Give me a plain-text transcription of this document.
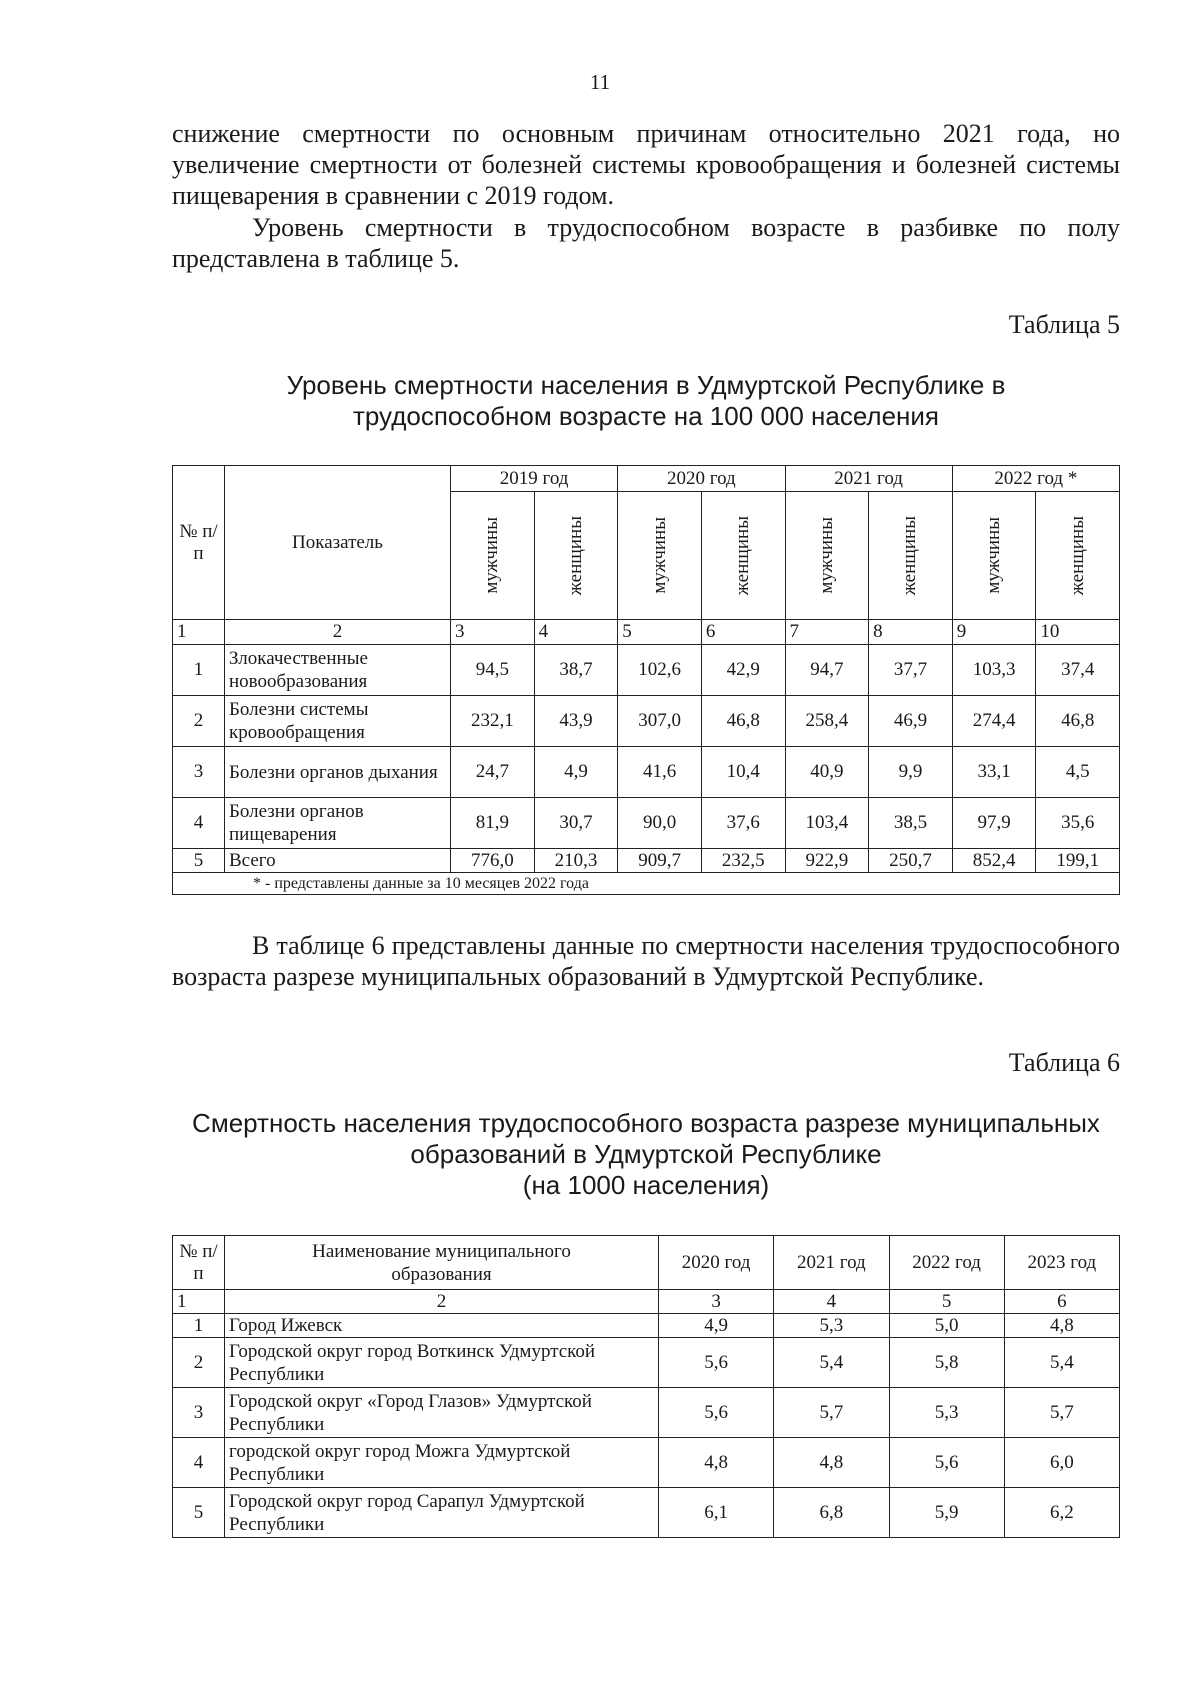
11

снижение смертности по основным причинам относительно 2021 года, но увеличение смертности от болезней системы кровообращения и болезней системы пищеварения в сравнении с 2019 годом.

Уровень смертности в трудоспособном возрасте в разбивке по полу представлена в таблице 5.

Таблица 5
Уровень смертности населения в Удмуртской Республике в
трудоспособном возрасте на 100 000 населения
№ п/п	Показатель	2019 год		2020 год		2021 год		2022 год *	

		мужчины	женщины	мужчины	женщины	мужчины	женщины	мужчины	женщины

1	2	3	4	5	6	7	8	9	10
1	Злокачественные новообразования	94,5	38,7	102,6	42,9	94,7	37,7	103,3	37,4
2	Болезни системы кровообращения	232,1	43,9	307,0	46,8	258,4	46,9	274,4	46,8
3	Болезни органов дыхания	24,7	4,9	41,6	10,4	40,9	9,9	33,1	4,5
4	Болезни органов пищеварения	81,9	30,7	90,0	37,6	103,4	38,5	97,9	35,6
5	Всего	776,0	210,3	909,7	232,5	922,9	250,7	852,4	199,1
* - представлены данные за 10 месяцев 2022 года									

В таблице 6 представлены данные по смертности населения трудоспособного возраста разрезе муниципальных образований в Удмуртской Республике.

Таблица 6
Смертность населения трудоспособного возраста разрезе муниципальных
образований в Удмуртской Республике
(на 1000 населения)
№ п/п	Наименование муниципального образования	2020 год	2021 год	2022 год	2023 год
1	2	3	4	5	6
1	Город Ижевск	4,9	5,3	5,0	4,8
2	Городской округ город Воткинск Удмуртской Республики	5,6	5,4	5,8	5,4
3	Городской округ «Город Глазов» Удмуртской Республики	5,6	5,7	5,3	5,7
4	городской округ город Можга Удмуртской Республики	4,8	4,8	5,6	6,0
5	Городской округ город Сарапул Удмуртской Республики	6,1	6,8	5,9	6,2
